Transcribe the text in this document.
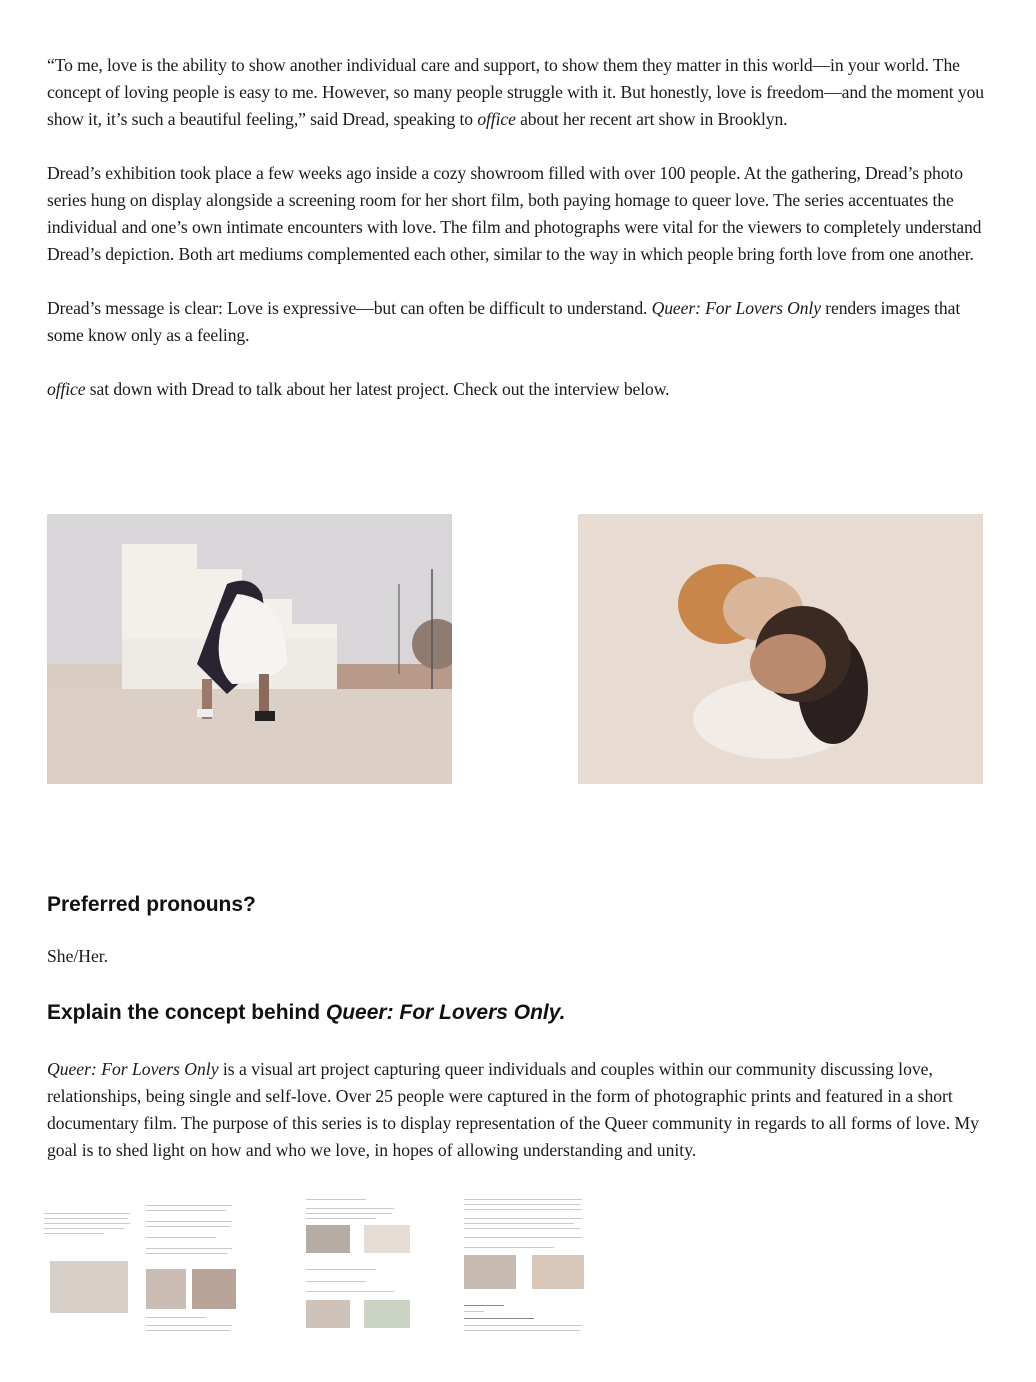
“To me, love is the ability to show another individual care and support, to show them they matter in this world—in your world. The concept of loving people is easy to me. However, so many people struggle with it. But honestly, love is freedom—and the moment you show it, it’s such a beautiful feeling,” said Dread, speaking to office about her recent art show in Brooklyn.

Dread’s exhibition took place a few weeks ago inside a cozy showroom filled with over 100 people. At the gathering, Dread’s photo series hung on display alongside a screening room for her short film, both paying homage to queer love. The series accentuates the individual and one’s own intimate encounters with love. The film and photographs were vital for the viewers to completely understand Dread’s depiction. Both art mediums complemented each other, similar to the way in which people bring forth love from one another.

Dread’s message is clear: Love is expressive—but can often be difficult to understand. Queer: For Lovers Only renders images that some know only as a feeling.

office sat down with Dread to talk about her latest project. Check out the interview below.

Preferred pronouns?
She/Her.
Explain the concept behind Queer: For Lovers Only.
Queer: For Lovers Only is a visual art project capturing queer individuals and couples within our community discussing love, relationships, being single and self-love. Over 25 people were captured in the form of photographic prints and featured in a short documentary film. The purpose of this series is to display representation of the Queer community in regards to all forms of love. My goal is to shed light on how and who we love, in hopes of allowing understanding and unity.
